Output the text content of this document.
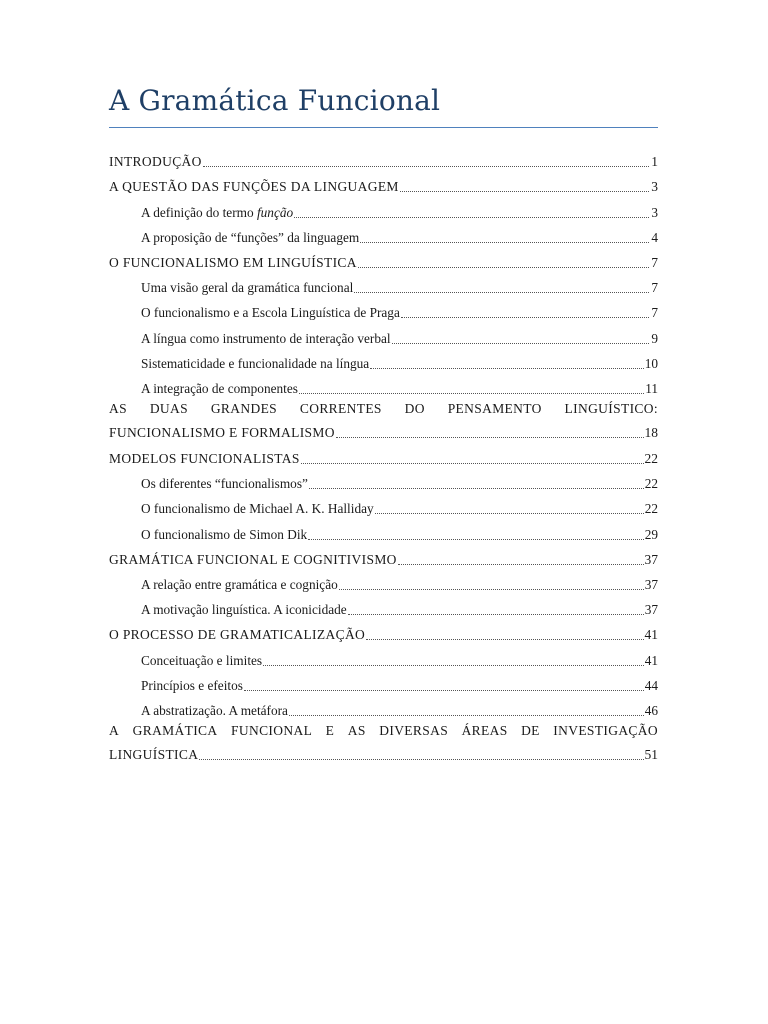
A Gramática Funcional
INTRODUÇÃO	1
A QUESTÃO DAS FUNÇÕES DA LINGUAGEM	3
A definição do termo função	3
A proposição de “funções” da linguagem	4
O FUNCIONALISMO EM LINGUÍSTICA	7
Uma visão geral da gramática funcional	7
O funcionalismo e a Escola Linguística de Praga	7
A língua como instrumento de interação verbal	9
Sistematicidade e funcionalidade na língua	10
A integração de componentes	11
AS DUAS GRANDES CORRENTES DO PENSAMENTO LINGUÍSTICO:
FUNCIONALISMO E FORMALISMO	18
MODELOS FUNCIONALISTAS	22
Os diferentes “funcionalismos”	22
O funcionalismo de Michael A. K. Halliday	22
O funcionalismo de Simon Dik	29
GRAMÁTICA FUNCIONAL E COGNITIVISMO	37
A relação entre gramática e cognição	37
A motivação linguística. A iconicidade	37
O PROCESSO DE GRAMATICALIZAÇÃO	41
Conceituação e limites	41
Princípios e efeitos	44
A abstratização. A metáfora	46
A GRAMÁTICA FUNCIONAL E AS DIVERSAS ÁREAS DE INVESTIGAÇÃO
LINGUÍSTICA	51
